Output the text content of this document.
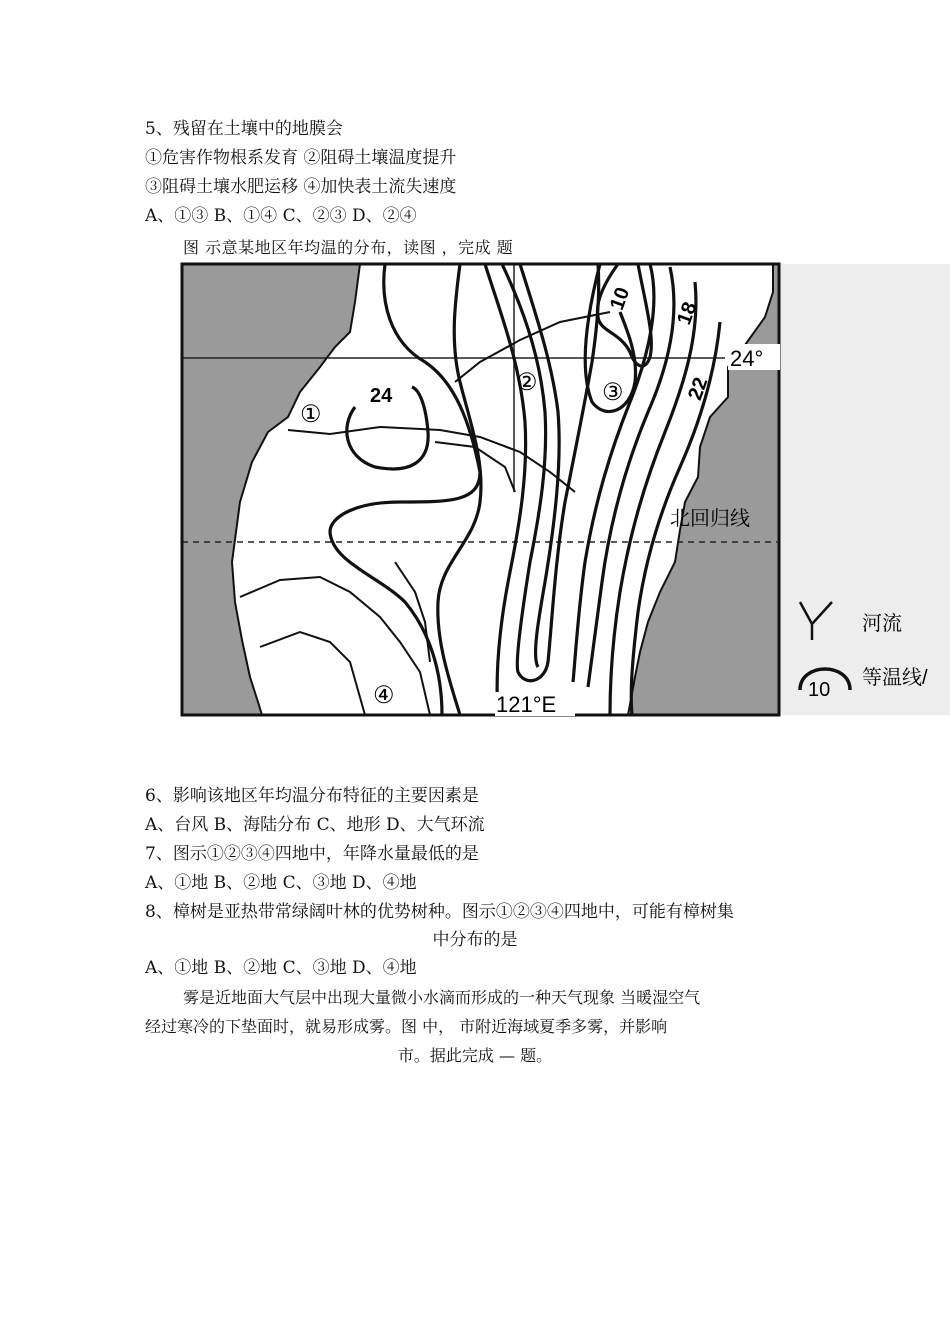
5、残留在土壤中的地膜会
①危害作物根系发育 ②阻碍土壤温度提升
③阻碍土壤水肥运移 ④加快表土流失速度
A、①③ B、①④ C、②③ D、②④
图 示意某地区年均温的分布，读图 ，完成 题
24
10
18
22
①
②	③
④
24°
121°E
北回归线
河流
10
等温线/
6、影响该地区年均温分布特征的主要因素是
A、台风 B、海陆分布 C、地形 D、大气环流
7、图示①②③④四地中，年降水量最低的是
A、①地 B、②地 C、③地 D、④地
8、樟树是亚热带常绿阔叶林的优势树种。图示①②③④四地中，可能有樟树集
中分布的是
A、①地 B、②地 C、③地 D、④地
雾是近地面大气层中出现大量微小水滴而形成的一种天气现象 当暖湿空气
经过寒冷的下垫面时，就易形成雾。图 中， 市附近海域夏季多雾，并影响
市。据此完成 — 题。
